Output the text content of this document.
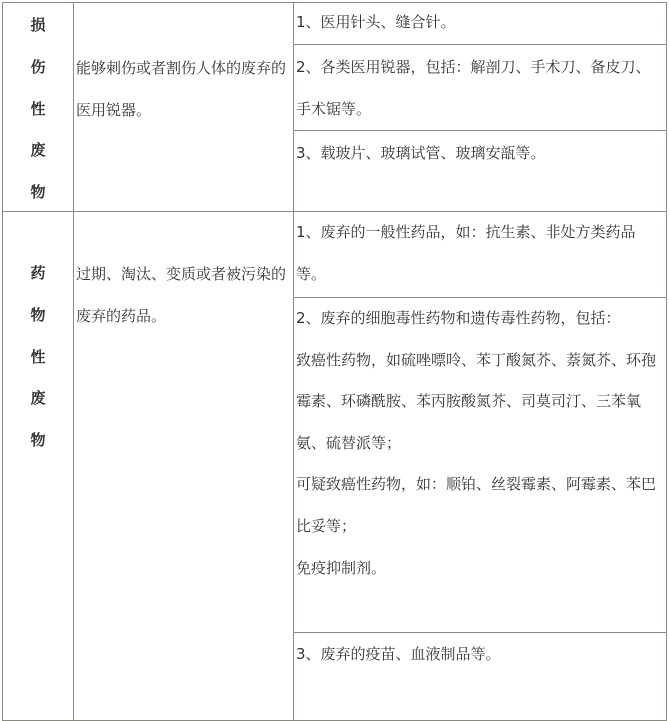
损
伤
性
废
物
能够刺伤或者割伤人体的废弃的医用锐器。
1、医用针头、缝合针。
2、各类医用锐器，包括：解剖刀、手术刀、备皮刀、手术锯等。
3、载玻片、玻璃试管、玻璃安瓿等。
药
物
性
废
物
过期、淘汰、变质或者被污染的废弃的药品。
1、废弃的一般性药品，如：抗生素、非处方类药品等。
2、废弃的细胞毒性药物和遗传毒性药物，包括：
致癌性药物，如硫唑嘌呤、苯丁酸氮芥、萘氮芥、环孢霉素、环磷酰胺、苯丙胺酸氮芥、司莫司汀、三苯氧氨、硫替派等；
可疑致癌性药物，如：顺铂、丝裂霉素、阿霉素、苯巴比妥等；
免疫抑制剂。
3、废弃的疫苗、血液制品等。
